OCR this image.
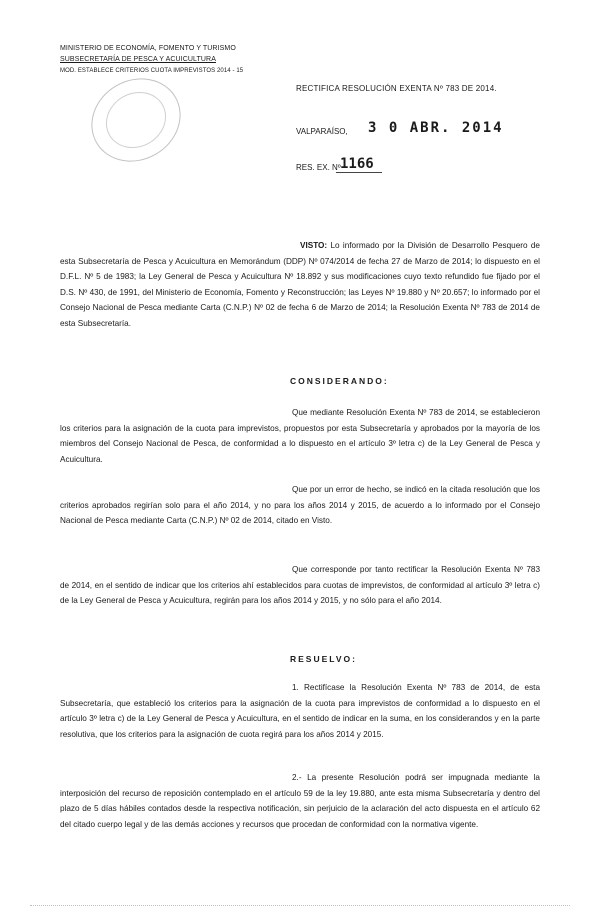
MINISTERIO DE ECONOMÍA, FOMENTO Y TURISMO
SUBSECRETARÍA DE PESCA Y ACUICULTURA
MOD. ESTABLECE CRITERIOS CUOTA IMPREVISTOS 2014 - 15
RECTIFICA RESOLUCIÓN EXENTA Nº 783 DE 2014.
VALPARAÍSO, 3 0 ABR. 2014
RES. EX. Nº 1166
VISTO: Lo informado por la División de Desarrollo Pesquero de esta Subsecretaría de Pesca y Acuicultura en Memorándum (DDP) Nº 074/2014 de fecha 27 de Marzo de 2014; lo dispuesto en el D.F.L. Nº 5 de 1983; la Ley General de Pesca y Acuicultura Nº 18.892 y sus modificaciones cuyo texto refundido fue fijado por el D.S. Nº 430, de 1991, del Ministerio de Economía, Fomento y Reconstrucción; las Leyes Nº 19.880 y Nº 20.657; lo informado por el Consejo Nacional de Pesca mediante Carta (C.N.P.) Nº 02 de fecha 6 de Marzo de 2014; la Resolución Exenta Nº 783 de 2014 de esta Subsecretaría.
CONSIDERANDO:
Que mediante Resolución Exenta Nº 783 de 2014, se establecieron los criterios para la asignación de la cuota para imprevistos, propuestos por esta Subsecretaría y aprobados por la mayoría de los miembros del Consejo Nacional de Pesca, de conformidad a lo dispuesto en el artículo 3º letra c) de la Ley General de Pesca y Acuicultura.
Que por un error de hecho, se indicó en la citada resolución que los criterios aprobados regirían solo para el año 2014, y no para los años 2014 y 2015, de acuerdo a lo informado por el Consejo Nacional de Pesca mediante Carta (C.N.P.) Nº 02 de 2014, citado en Visto.
Que corresponde por tanto rectificar la Resolución Exenta Nº 783 de 2014, en el sentido de indicar que los criterios ahí establecidos para cuotas de imprevistos, de conformidad al artículo 3º letra c) de la Ley General de Pesca y Acuicultura, regirán para los años 2014 y 2015, y no sólo para el año 2014.
RESUELVO:
1. Rectifícase la Resolución Exenta Nº 783 de 2014, de esta Subsecretaría, que estableció los criterios para la asignación de la cuota para imprevistos de conformidad a lo dispuesto en el artículo 3º letra c) de la Ley General de Pesca y Acuicultura, en el sentido de indicar en la suma, en los considerandos y en la parte resolutiva, que los criterios para la asignación de cuota regirá para los años 2014 y 2015.
2.- La presente Resolución podrá ser impugnada mediante la interposición del recurso de reposición contemplado en el artículo 59 de la ley 19.880, ante esta misma Subsecretaría y dentro del plazo de 5 días hábiles contados desde la respectiva notificación, sin perjuicio de la aclaración del acto dispuesta en el artículo 62 del citado cuerpo legal y de las demás acciones y recursos que procedan de conformidad con la normativa vigente.
